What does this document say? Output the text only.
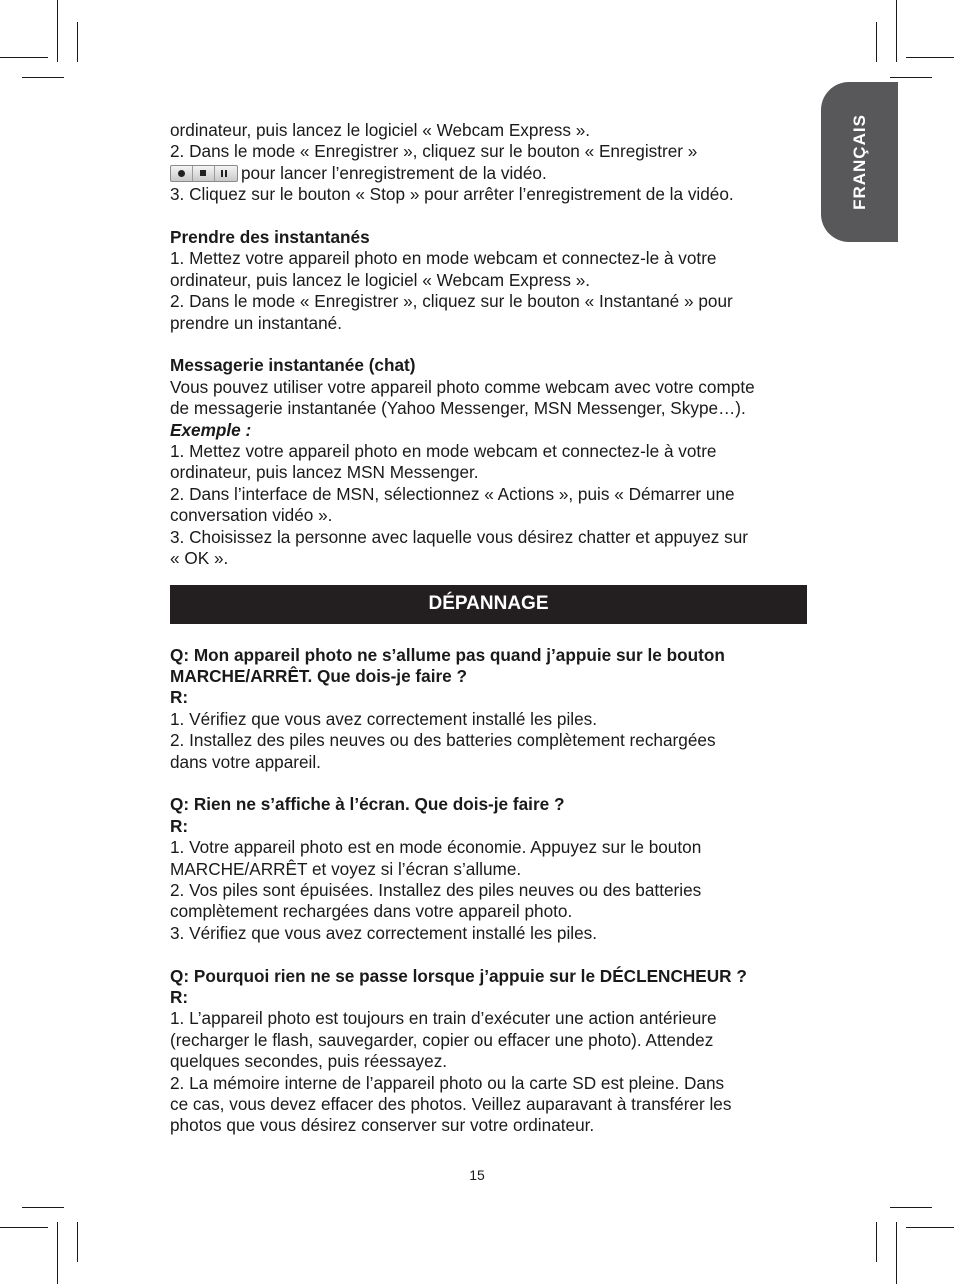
FRANÇAIS

ordinateur, puis lancez le logiciel « Webcam Express ».

2. Dans le mode « Enregistrer », cliquez sur le bouton « Enregistrer »

pour lancer l’enregistrement de la vidéo.

3. Cliquez sur le bouton « Stop » pour arrêter l’enregistrement de la vidéo.

Prendre des instantanés

1. Mettez votre appareil photo en mode webcam et connectez-le à votre

ordinateur, puis lancez le logiciel « Webcam Express ».

2. Dans le mode « Enregistrer », cliquez sur le bouton « Instantané » pour

prendre un instantané.

Messagerie instantanée (chat)

Vous pouvez utiliser votre appareil photo comme webcam avec votre compte

de messagerie instantanée (Yahoo Messenger, MSN Messenger, Skype…).

Exemple :

1. Mettez votre appareil photo en mode webcam et connectez-le à votre

ordinateur, puis lancez MSN Messenger.

2. Dans l’interface de MSN, sélectionnez « Actions », puis « Démarrer une

conversation vidéo ».

3. Choisissez la personne avec laquelle vous désirez chatter et appuyez sur

« OK ».

DÉPANNAGE

Q: Mon appareil photo ne s’allume pas quand j’appuie sur le bouton

MARCHE/ARRÊT. Que dois-je faire ?

R:

1. Vérifiez que vous avez correctement installé les piles.

2. Installez des piles neuves ou des batteries complètement rechargées

dans votre appareil.

Q: Rien ne s’affiche à l’écran. Que dois-je faire ?

R:

1. Votre appareil photo est en mode économie. Appuyez sur le bouton

MARCHE/ARRÊT et voyez si l’écran s’allume.

2. Vos piles sont épuisées. Installez des piles neuves ou des batteries

complètement rechargées dans votre appareil photo.

3. Vérifiez que vous avez correctement installé les piles.

Q: Pourquoi rien ne se passe lorsque j’appuie sur le DÉCLENCHEUR ?

R:

1. L’appareil photo est toujours en train d’exécuter une action antérieure

(recharger le flash, sauvegarder, copier ou effacer une photo). Attendez

quelques secondes, puis réessayez.

2. La mémoire interne de l’appareil photo ou la carte SD est pleine. Dans

ce cas, vous devez effacer des photos. Veillez auparavant à transférer les

photos que vous désirez conserver sur votre ordinateur.

15
